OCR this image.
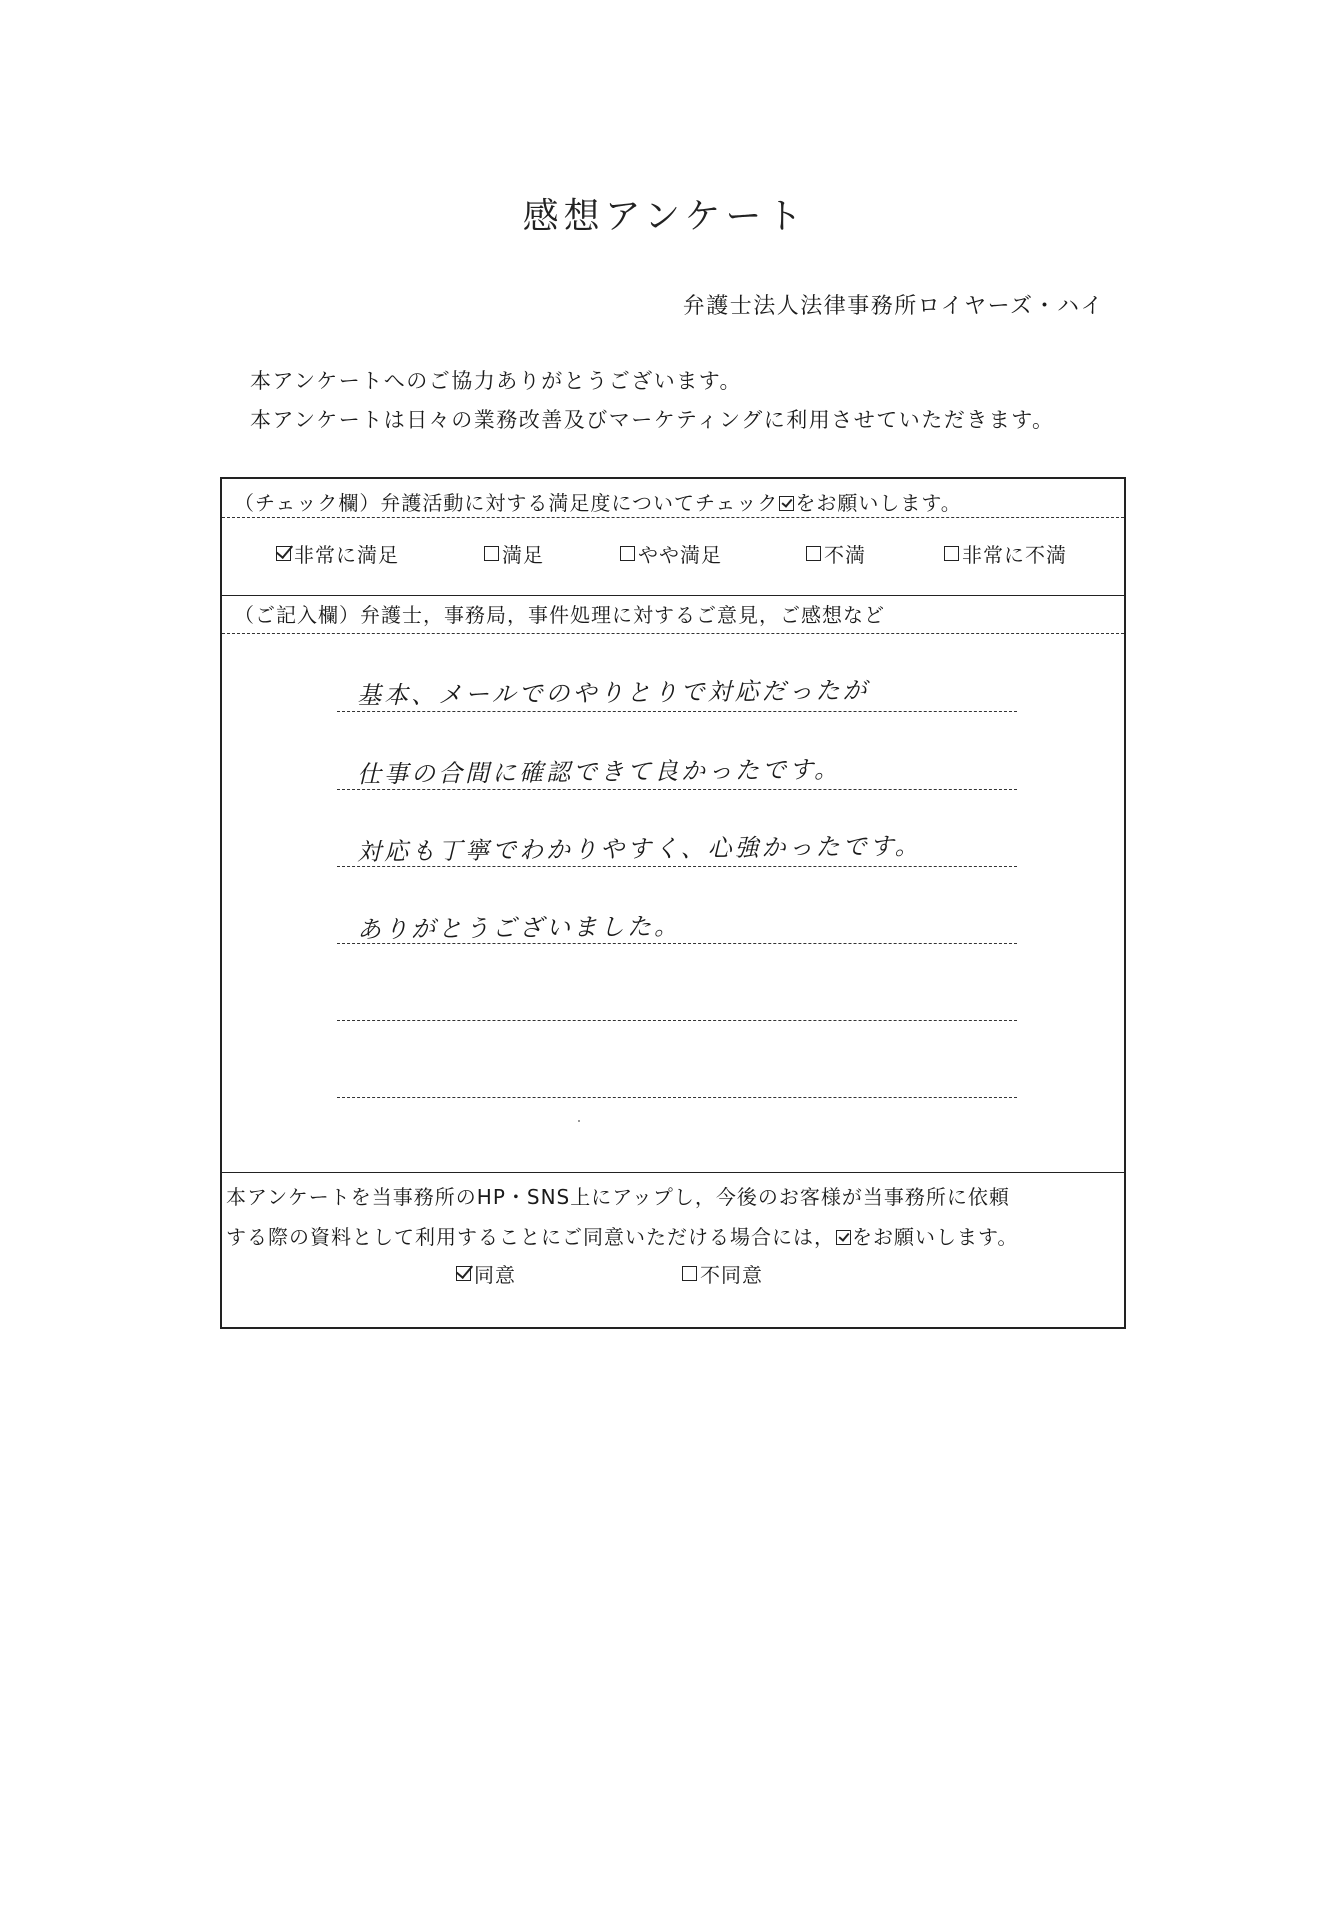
感想アンケート
弁護士法人法律事務所ロイヤーズ・ハイ
本アンケートへのご協力ありがとうございます。
本アンケートは日々の業務改善及びマーケティングに利用させていただきます。
（チェック欄）弁護活動に対する満足度についてチェック をお願いします。
非常に満足	満足	やや満足	不満	非常に不満
（ご記入欄）弁護士，事務局，事件処理に対するご意見，ご感想など
基本、メールでのやりとりで対応だったが
仕事の合間に確認できて良かったです。
対応も丁寧でわかりやすく、心強かったです。
ありがとうございました。
本アンケートを当事務所のHP・SNS上にアップし，今後のお客様が当事務所に依頼
する際の資料として利用することにご同意いただける場合には， をお願いします。
同意	不同意
